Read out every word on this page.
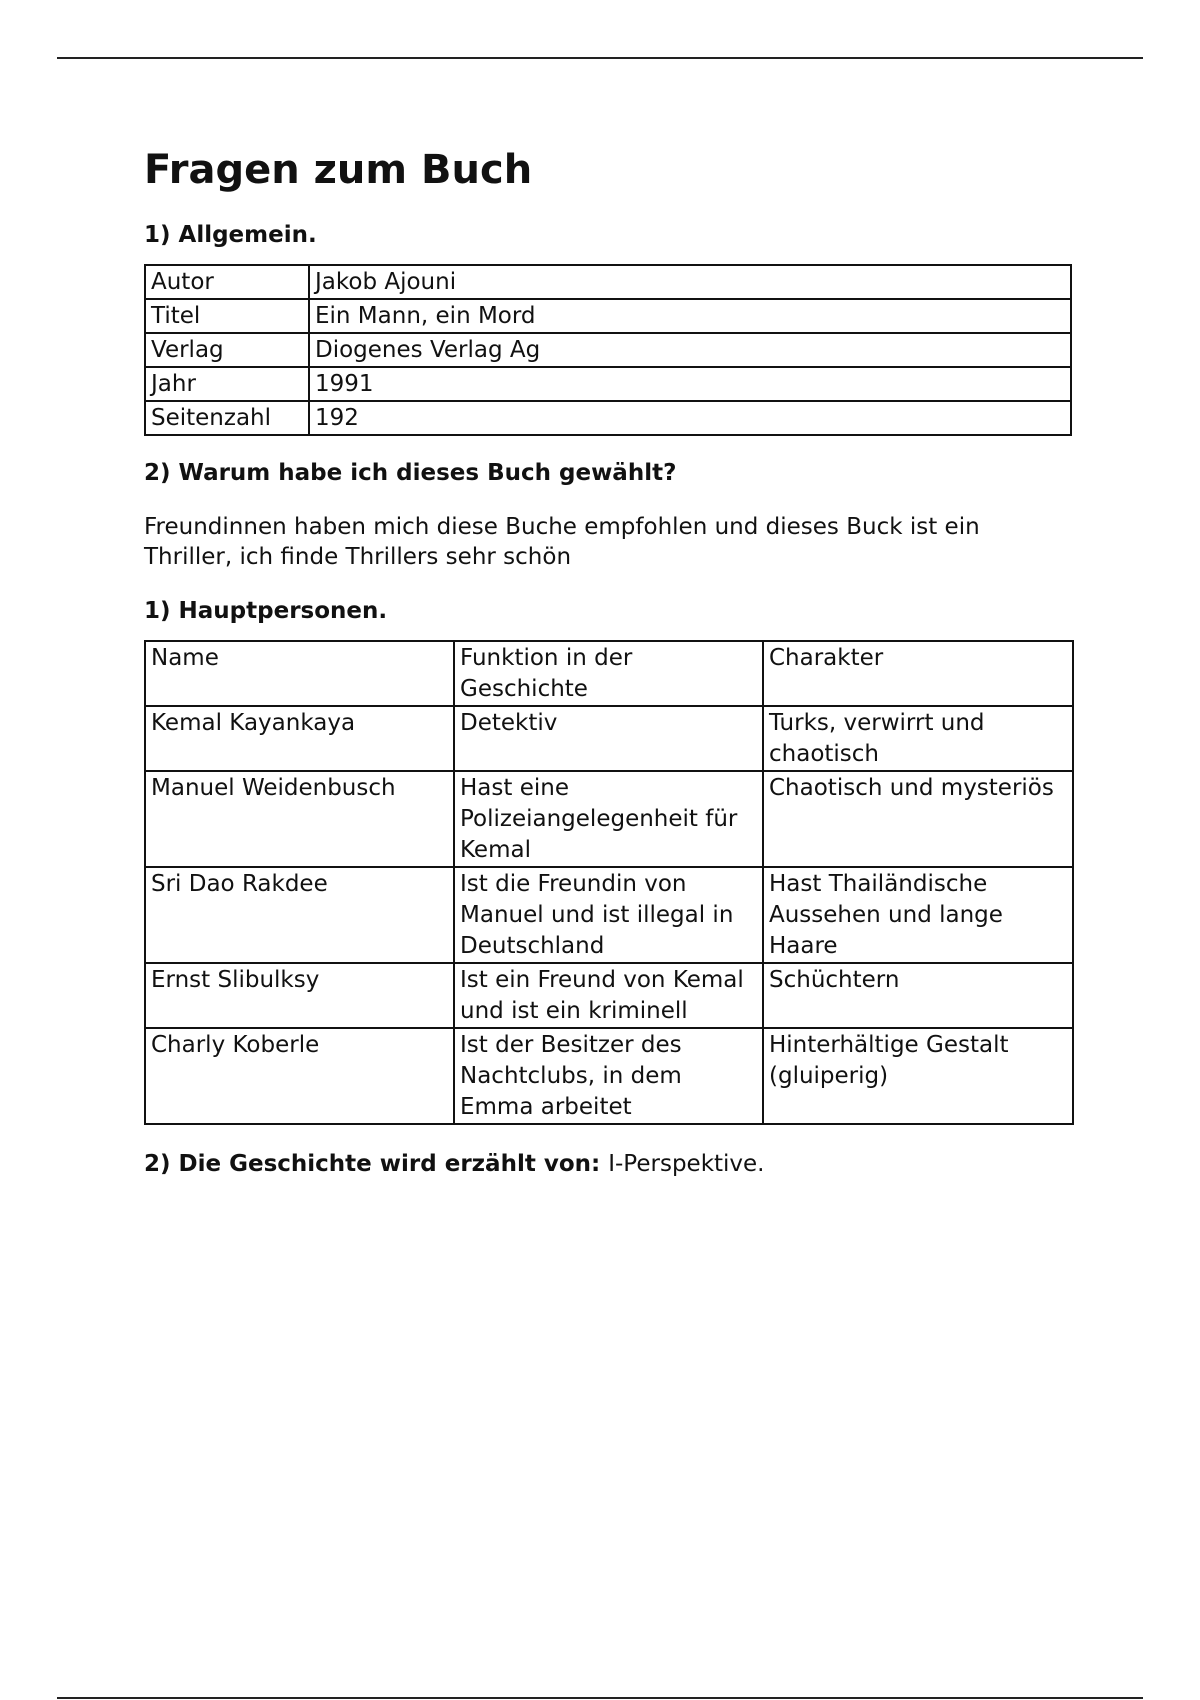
Fragen zum Buch
1) Allgemein.
Autor	Jakob Ajouni
Titel	Ein Mann, ein Mord
Verlag	Diogenes Verlag Ag
Jahr	1991
Seitenzahl	192
2) Warum habe ich dieses Buch gewählt?

Freundinnen haben mich diese Buche empfohlen und dieses Buck ist ein Thriller, ich finde Thrillers sehr schön

1) Hauptpersonen.
Name	Funktion in der Geschichte	Charakter
Kemal Kayankaya	Detektiv	Turks, verwirrt und chaotisch
Manuel Weidenbusch	Hast eine Polizeiangelegenheit für Kemal	Chaotisch und mysteriös
Sri Dao Rakdee	Ist die Freundin von Manuel und ist illegal in Deutschland	Hast Thailändische Aussehen und lange Haare
Ernst Slibulksy	Ist ein Freund von Kemal und ist ein kriminell	Schüchtern
Charly Koberle	Ist der Besitzer des Nachtclubs, in dem Emma arbeitet	Hinterhältige Gestalt (gluiperig)
2) Die Geschichte wird erzählt von: I-Perspektive.
